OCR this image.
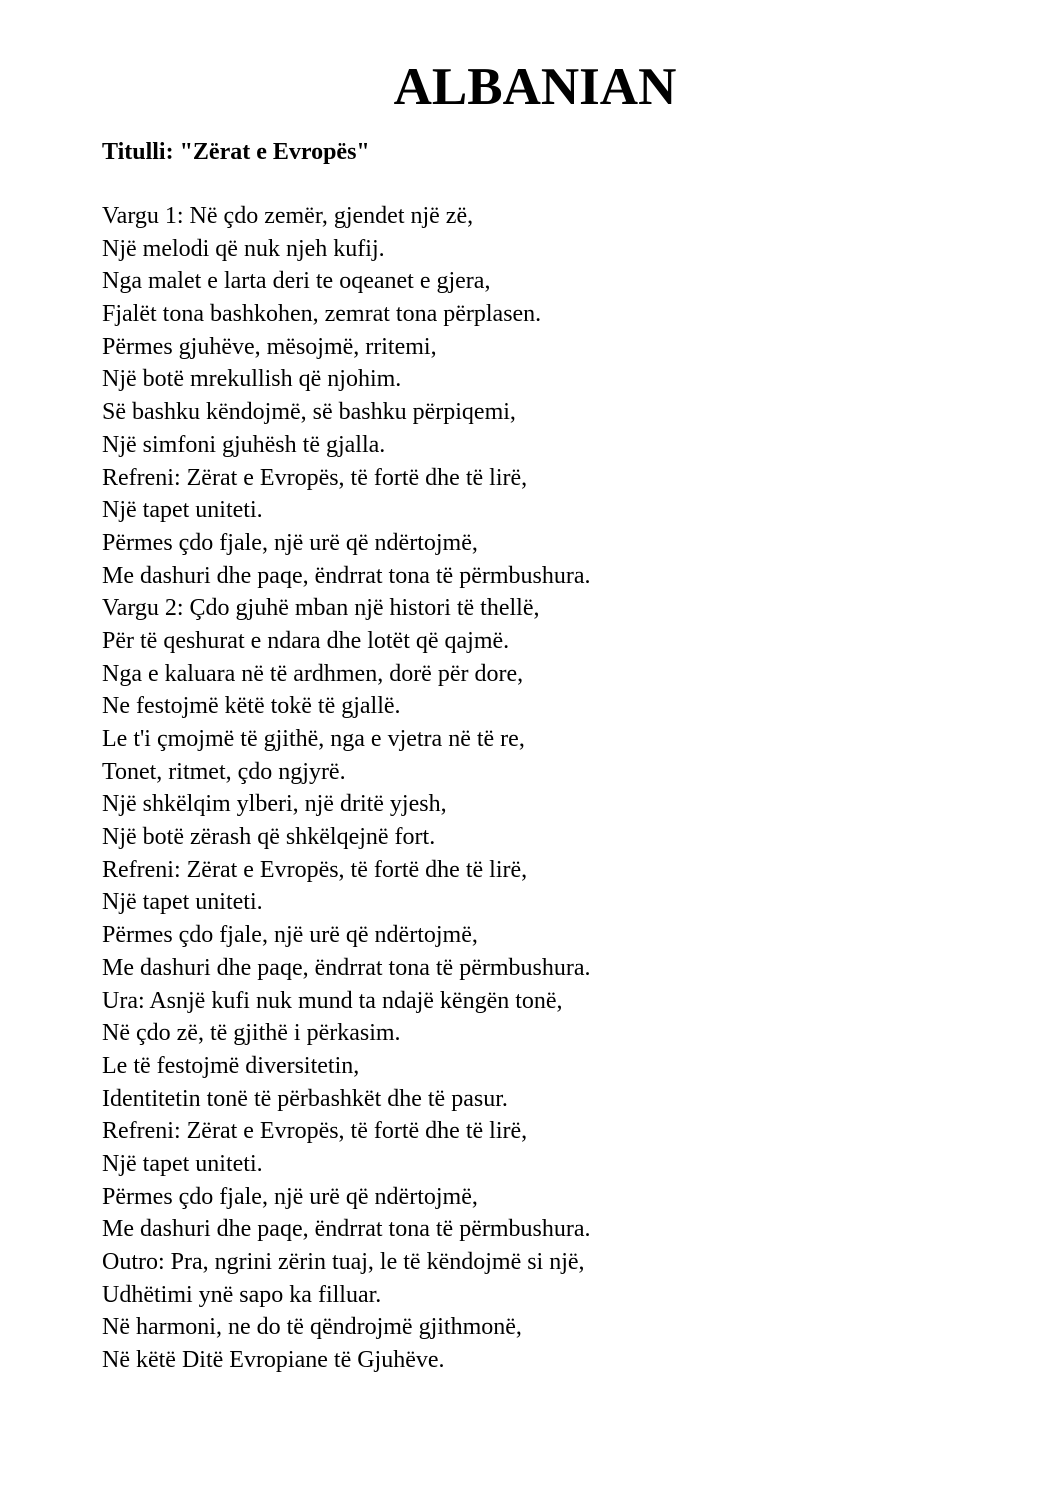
ALBANIAN

Titulli: "Zërat e Evropës"

Vargu 1: Në çdo zemër, gjendet një zë,
Një melodi që nuk njeh kufij.
Nga malet e larta deri te oqeanet e gjera,
Fjalët tona bashkohen, zemrat tona përplasen.
Përmes gjuhëve, mësojmë, rritemi,
Një botë mrekullish që njohim.
Së bashku këndojmë, së bashku përpiqemi,
Një simfoni gjuhësh të gjalla.
Refreni: Zërat e Evropës, të fortë dhe të lirë,
Një tapet uniteti.
Përmes çdo fjale, një urë që ndërtojmë,
Me dashuri dhe paqe, ëndrrat tona të përmbushura.
Vargu 2: Çdo gjuhë mban një histori të thellë,
Për të qeshurat e ndara dhe lotët që qajmë.
Nga e kaluara në të ardhmen, dorë për dore,
Ne festojmë këtë tokë të gjallë.
Le t'i çmojmë të gjithë, nga e vjetra në të re,
Tonet, ritmet, çdo ngjyrë.
Një shkëlqim ylberi, një dritë yjesh,
Një botë zërash që shkëlqejnë fort.
Refreni: Zërat e Evropës, të fortë dhe të lirë,
Një tapet uniteti.
Përmes çdo fjale, një urë që ndërtojmë,
Me dashuri dhe paqe, ëndrrat tona të përmbushura.
Ura: Asnjë kufi nuk mund ta ndajë këngën tonë,
Në çdo zë, të gjithë i përkasim.
Le të festojmë diversitetin,
Identitetin tonë të përbashkët dhe të pasur.
Refreni: Zërat e Evropës, të fortë dhe të lirë,
Një tapet uniteti.
Përmes çdo fjale, një urë që ndërtojmë,
Me dashuri dhe paqe, ëndrrat tona të përmbushura.
Outro: Pra, ngrini zërin tuaj, le të këndojmë si një,
Udhëtimi ynë sapo ka filluar.
Në harmoni, ne do të qëndrojmë gjithmonë,
Në këtë Ditë Evropiane të Gjuhëve.
